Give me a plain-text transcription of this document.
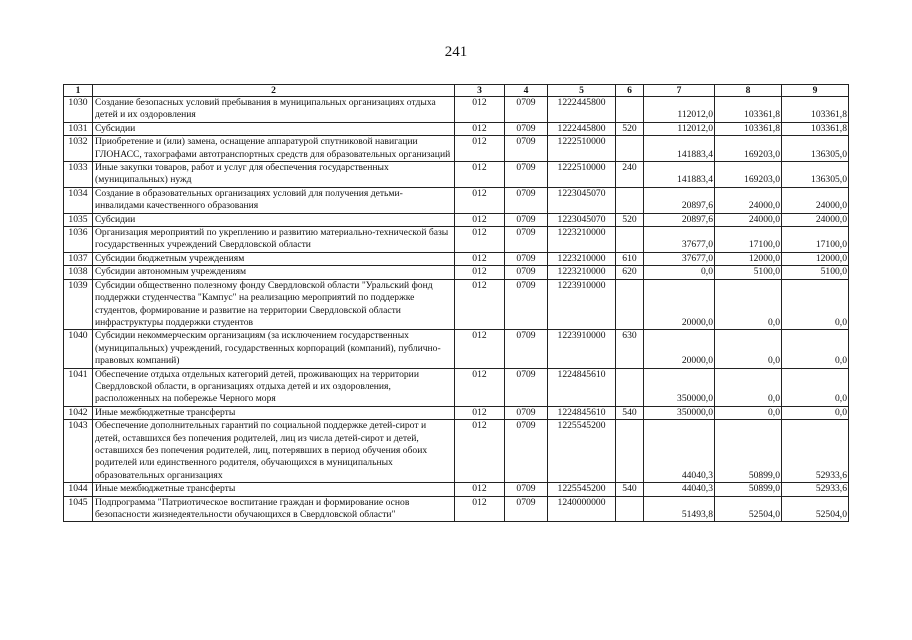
241
1	2	3	4	5	6	7	8	9
1030	Создание безопасных условий пребывания в муниципальных организациях отдыха детей и их оздоровления	012	0709	1222445800		112012,0	103361,8	103361,8
1031	Субсидии	012	0709	1222445800	520	112012,0	103361,8	103361,8
1032	Приобретение и (или) замена, оснащение аппаратурой спутниковой навигации ГЛОНАСС, тахографами автотранспортных средств для образовательных организаций	012	0709	1222510000		141883,4	169203,0	136305,0
1033	Иные закупки товаров, работ и услуг для обеспечения государственных (муниципальных) нужд	012	0709	1222510000	240	141883,4	169203,0	136305,0
1034	Создание в образовательных организациях условий для получения детьми-инвалидами качественного образования	012	0709	1223045070		20897,6	24000,0	24000,0
1035	Субсидии	012	0709	1223045070	520	20897,6	24000,0	24000,0
1036	Организация мероприятий по укреплению и развитию материально-технической базы государственных учреждений Свердловской области	012	0709	1223210000		37677,0	17100,0	17100,0
1037	Субсидии бюджетным учреждениям	012	0709	1223210000	610	37677,0	12000,0	12000,0
1038	Субсидии автономным учреждениям	012	0709	1223210000	620	0,0	5100,0	5100,0
1039	Субсидии общественно полезному фонду Свердловской области "Уральский фонд поддержки студенчества "Кампус" на реализацию мероприятий по поддержке студентов, формирование и развитие на территории Свердловской области инфраструктуры поддержки студентов	012	0709	1223910000		20000,0	0,0	0,0
1040	Субсидии некоммерческим организациям (за исключением государственных (муниципальных) учреждений, государственных корпораций (компаний), публично-правовых компаний)	012	0709	1223910000	630	20000,0	0,0	0,0
1041	Обеспечение отдыха отдельных категорий детей, проживающих на территории Свердловской области, в организациях отдыха детей и их оздоровления, расположенных на побережье Черного моря	012	0709	1224845610		350000,0	0,0	0,0
1042	Иные межбюджетные трансферты	012	0709	1224845610	540	350000,0	0,0	0,0
1043	Обеспечение дополнительных гарантий по социальной поддержке детей-сирот и детей, оставшихся без попечения родителей, лиц из числа детей-сирот и детей, оставшихся без попечения родителей, лиц, потерявших в период обучения обоих родителей или единственного родителя, обучающихся в муниципальных образовательных организациях	012	0709	1225545200		44040,3	50899,0	52933,6
1044	Иные межбюджетные трансферты	012	0709	1225545200	540	44040,3	50899,0	52933,6
1045	Подпрограмма "Патриотическое воспитание граждан и формирование основ безопасности жизнедеятельности обучающихся в Свердловской области"	012	0709	1240000000		51493,8	52504,0	52504,0
